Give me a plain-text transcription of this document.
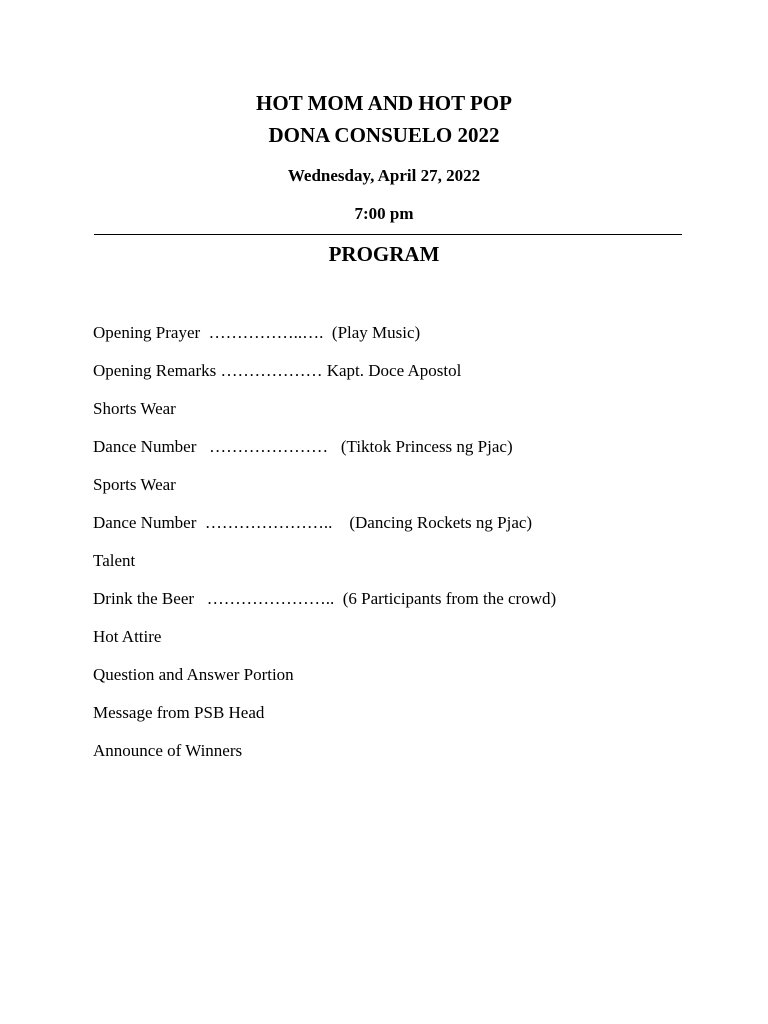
HOT MOM AND HOT POP
DONA CONSUELO 2022
Wednesday, April 27, 2022
7:00 pm
PROGRAM
Opening Prayer  ……………..….  (Play Music)
Opening Remarks ……………… Kapt. Doce Apostol
Shorts Wear
Dance Number   …………………   (Tiktok Princess ng Pjac)
Sports Wear
Dance Number  …………………..    (Dancing Rockets ng Pjac)
Talent
Drink the Beer   …………………..  (6 Participants from the crowd)
Hot Attire
Question and Answer Portion
Message from PSB Head
Announce of Winners
